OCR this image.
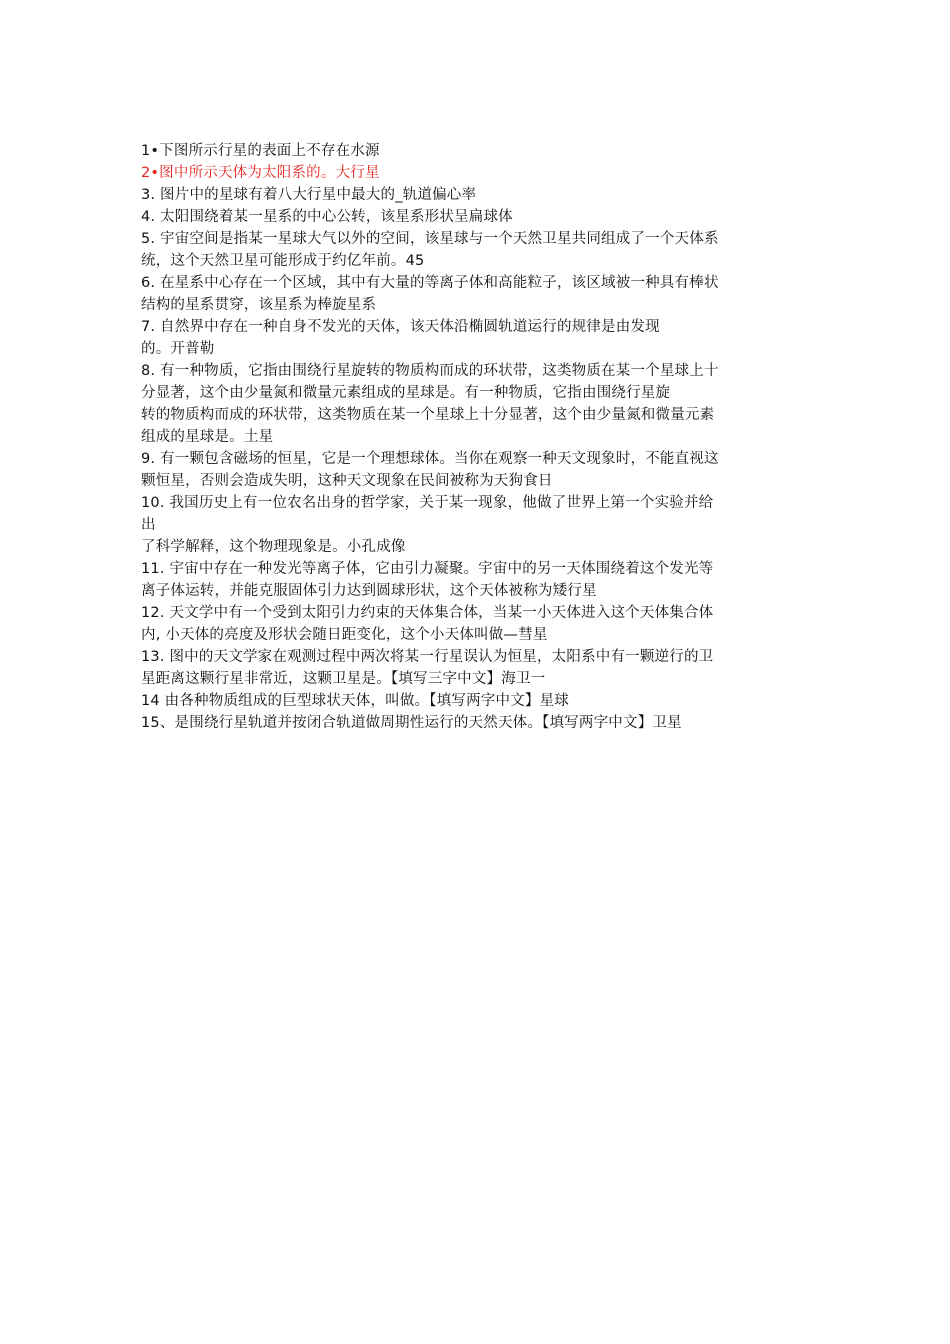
1•下图所示行星的表面上不存在水源
2•图中所示天体为太阳系的。大行星
3. 图片中的星球有着八大行星中最大的_轨道偏心率
4. 太阳围绕着某一星系的中心公转，该星系形状呈扁球体
5. 宇宙空间是指某一星球大气以外的空间，该星球与一个天然卫星共同组成了一个天体系
统，这个天然卫星可能形成于约亿年前。45
6. 在星系中心存在一个区域，其中有大量的等离子体和高能粒子，该区域被一种具有棒状
结构的星系贯穿，该星系为棒旋星系
7. 自然界中存在一种自身不发光的天体，该天体沿椭圆轨道运行的规律是由发现
的。开普勒
8. 有一种物质，它指由围绕行星旋转的物质构而成的环状带，这类物质在某一个星球上十
分显著，这个由少量氮和微量元素组成的星球是。有一种物质，它指由围绕行星旋
转的物质构而成的环状带，这类物质在某一个星球上十分显著，这个由少量氮和微量元素
组成的星球是。土星
9. 有一颗包含磁场的恒星，它是一个理想球体。当你在观察一种天文现象时，不能直视这
颗恒星，否则会造成失明，这种天文现象在民间被称为天狗食日
10. 我国历史上有一位农名出身的哲学家，关于某一现象，他做了世界上第一个实验并给
出
了科学解释，这个物理现象是。小孔成像
11. 宇宙中存在一种发光等离子体，它由引力凝聚。宇宙中的另一天体围绕着这个发光等
离子体运转，并能克服固体引力达到圆球形状，这个天体被称为矮行星
12. 天文学中有一个受到太阳引力约束的天体集合体，当某一小天体进入这个天体集合体
内, 小天体的亮度及形状会随日距变化，这个小天体叫做—彗星
13. 图中的天文学家在观测过程中两次将某一行星误认为恒星，太阳系中有一颗逆行的卫
星距离这颗行星非常近，这颗卫星是。【填写三字中文】海卫一
14 由各种物质组成的巨型球状天体，叫做。【填写两字中文】星球
15、是围绕行星轨道并按闭合轨道做周期性运行的天然天体。【填写两字中文】卫星
